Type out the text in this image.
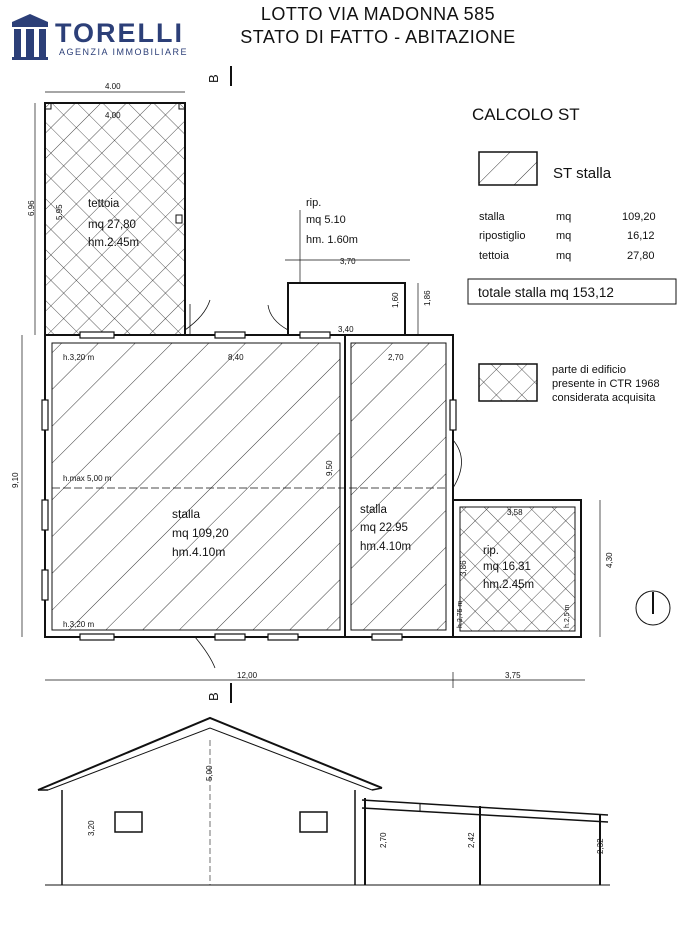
TORELLI
AGENZIA IMMOBILIARE
LOTTO VIA MADONNA 585
STATO DI FATTO - ABITAZIONE
B
tettoia
mq 27,80
hm.2.45m
4.00
4.00
6.96 5.95
rip.
mq 5.10
hm. 1.60m
3,70
3,40
1,60	1,86
stalla
mq 109,20
hm.4.10m
h.3,20 m
h.max 5,00 m
h.3,20 m
8,40
9,50
stalla
mq 22.95
hm.4.10m
2,70
rip.
mq 16.31
hm.2.45m
3,58
3,86
h.2,75 m	h.2,5 m
4,30
9,10
12,00	3,75
B
CALCOLO ST
ST stalla
stalla	mq	109,20
ripostiglio	mq	16,12
tettoia	mq	27,80
totale stalla mq 153,12
parte di edificio
presente in CTR 1968
considerata acquisita
3,20
5,00
2,70	2,42	2,32
